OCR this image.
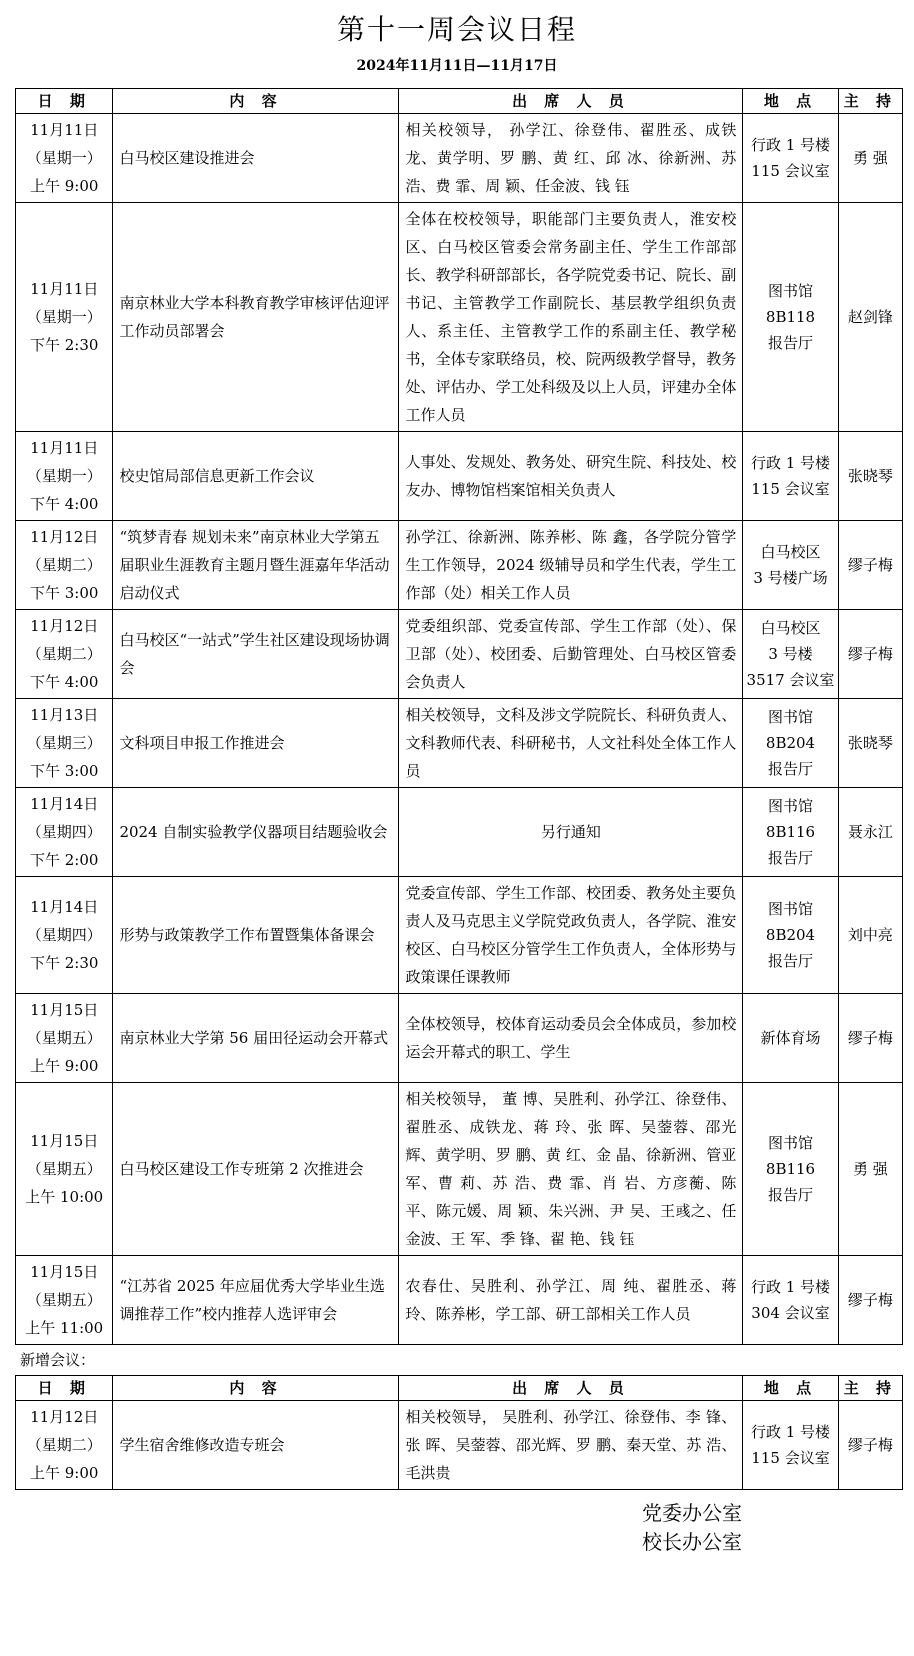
第十一周会议日程
2024年11月11日—11月17日
日 期	内 容	出 席 人 员	地 点	主 持

11月11日
（星期一）
上午 9:00	白马校区建设推进会	相关校领导， 孙学江、徐登伟、翟胜丞、成铁龙、黄学明、罗 鹏、黄 红、邱 冰、徐新洲、苏 浩、费 霏、周 颖、任金波、钱 钰	行政 1 号楼
115 会议室	勇 强

11月11日
（星期一）
下午 2:30	南京林业大学本科教育教学审核评估迎评工作动员部署会	全体在校校领导，职能部门主要负责人，淮安校区、白马校区管委会常务副主任、学生工作部部长、教学科研部部长，各学院党委书记、院长、副书记、主管教学工作副院长、基层教学组织负责人、系主任、主管教学工作的系副主任、教学秘书，全体专家联络员，校、院两级教学督导，教务处、评估办、学工处科级及以上人员，评建办全体工作人员	图书馆
8B118
报告厅	赵剑锋

11月11日
（星期一）
下午 4:00	校史馆局部信息更新工作会议	人事处、发规处、教务处、研究生院、科技处、校友办、博物馆档案馆相关负责人	行政 1 号楼
115 会议室	张晓琴

11月12日
（星期二）
下午 3:00	“筑梦青春 规划未来”南京林业大学第五届职业生涯教育主题月暨生涯嘉年华活动启动仪式	孙学江、徐新洲、陈养彬、陈 鑫，各学院分管学生工作领导，2024 级辅导员和学生代表，学生工作部（处）相关工作人员	白马校区
3 号楼广场	缪子梅

11月12日
（星期二）
下午 4:00	白马校区“一站式”学生社区建设现场协调会	党委组织部、党委宣传部、学生工作部（处）、保卫部（处）、校团委、后勤管理处、白马校区管委会负责人	白马校区
3 号楼
3517 会议室	缪子梅

11月13日
（星期三）
下午 3:00	文科项目申报工作推进会	相关校领导，文科及涉文学院院长、科研负责人、文科教师代表、科研秘书，人文社科处全体工作人员	图书馆
8B204
报告厅	张晓琴

11月14日
（星期四）
下午 2:00	2024 自制实验教学仪器项目结题验收会	另行通知	图书馆
8B116
报告厅	聂永江

11月14日
（星期四）
下午 2:30	形势与政策教学工作布置暨集体备课会	党委宣传部、学生工作部、校团委、教务处主要负责人及马克思主义学院党政负责人，各学院、淮安校区、白马校区分管学生工作负责人，全体形势与政策课任课教师	图书馆
8B204
报告厅	刘中亮

11月15日
（星期五）
上午 9:00	南京林业大学第 56 届田径运动会开幕式	全体校领导，校体育运动委员会全体成员，参加校运会开幕式的职工、学生	新体育场	缪子梅

11月15日
（星期五）
上午 10:00	白马校区建设工作专班第 2 次推进会	相关校领导， 董 博、吴胜利、孙学江、徐登伟、翟胜丞、成铁龙、蒋 玲、张 晖、吴蓥蓉、邵光辉、黄学明、罗 鹏、黄 红、金 晶、徐新洲、管亚军、曹 莉、苏 浩、费 霏、肖 岩、方彦蘅、陈 平、陈元媛、周 颖、朱兴洲、尹 吴、王彧之、任金波、王 军、季 锋、翟 艳、钱 钰	图书馆
8B116
报告厅	勇 强

11月15日
（星期五）
上午 11:00	“江苏省 2025 年应届优秀大学毕业生选调推荐工作”校内推荐人选评审会	农春仕、吴胜利、孙学江、周 纯、翟胜丞、蒋 玲、陈养彬，学工部、研工部相关工作人员	行政 1 号楼
304 会议室	缪子梅
新增会议：
日 期	内 容	出 席 人 员	地 点	主 持

11月12日
（星期二）
上午 9:00	学生宿舍维修改造专班会	相关校领导， 吴胜利、孙学江、徐登伟、李 锋、张 晖、吴蓥蓉、邵光辉、罗 鹏、秦天堂、苏 浩、毛洪贵	行政 1 号楼
115 会议室	缪子梅
党委办公室
校长办公室
